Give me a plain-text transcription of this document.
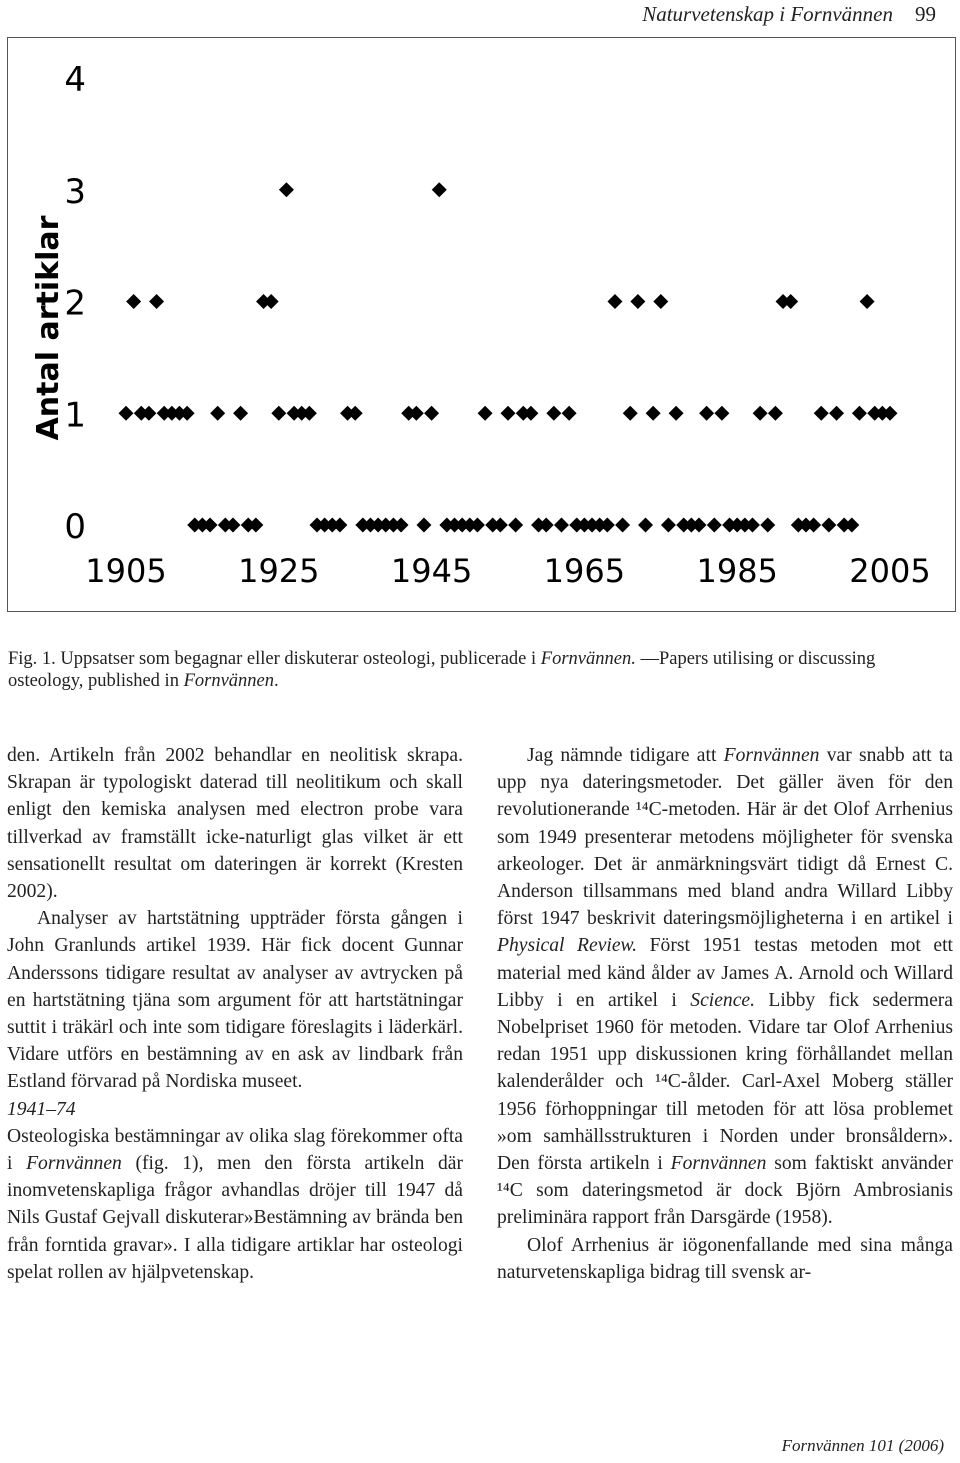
Naturvetenskap i Fornvännen 99
0
1
2
3
4
1905 1925 1945 1965 1985 2005
Antal artiklar
Fig. 1. Uppsatser som begagnar eller diskuterar osteologi, publicerade i Fornvännen. —Papers utilising or discussing osteology, published in Fornvännen.

den. Artikeln från 2002 behandlar en neolitisk skrapa. Skrapan är typologiskt daterad till neolitikum och skall enligt den kemiska analysen med electron probe vara tillverkad av framställt icke-naturligt glas vilket är ett sensationellt resultat om dateringen är korrekt (Kresten 2002).

Analyser av hartstätning uppträder första gången i John Granlunds artikel 1939. Här fick docent Gunnar Anderssons tidigare resultat av analyser av avtrycken på en hartstätning tjäna som argument för att hartstätningar suttit i träkärl och inte som tidigare föreslagits i läderkärl. Vidare utförs en bestämning av en ask av lindbark från Estland förvarad på Nordiska museet.

1941–74

Osteologiska bestämningar av olika slag förekommer ofta i Fornvännen (fig. 1), men den första artikeln där inomvetenskapliga frågor avhandlas dröjer till 1947 då Nils Gustaf Gejvall diskuterar»Bestämning av brända ben från forntida gravar». I alla tidigare artiklar har osteologi spelat rollen av hjälpvetenskap.

Jag nämnde tidigare att Fornvännen var snabb att ta upp nya dateringsmetoder. Det gäller även för den revolutionerande ¹⁴C-metoden. Här är det Olof Arrhenius som 1949 presenterar metodens möjligheter för svenska arkeologer. Det är anmärkningsvärt tidigt då Ernest C. Anderson tillsammans med bland andra Willard Libby först 1947 beskrivit dateringsmöjligheterna i en artikel i Physical Review. Först 1951 testas metoden mot ett material med känd ålder av James A. Arnold och Willard Libby i en artikel i Science. Libby fick sedermera Nobelpriset 1960 för metoden. Vidare tar Olof Arrhenius redan 1951 upp diskussionen kring förhållandet mellan kalenderålder och ¹⁴C-ålder. Carl-Axel Moberg ställer 1956 förhoppningar till metoden för att lösa problemet »om samhällsstrukturen i Norden under bronsåldern». Den första artikeln i Fornvännen som faktiskt använder ¹⁴C som dateringsmetod är dock Björn Ambrosianis preliminära rapport från Darsgärde (1958).

Olof Arrhenius är iögonenfallande med sina många naturvetenskapliga bidrag till svensk ar-

Fornvännen 101 (2006)
